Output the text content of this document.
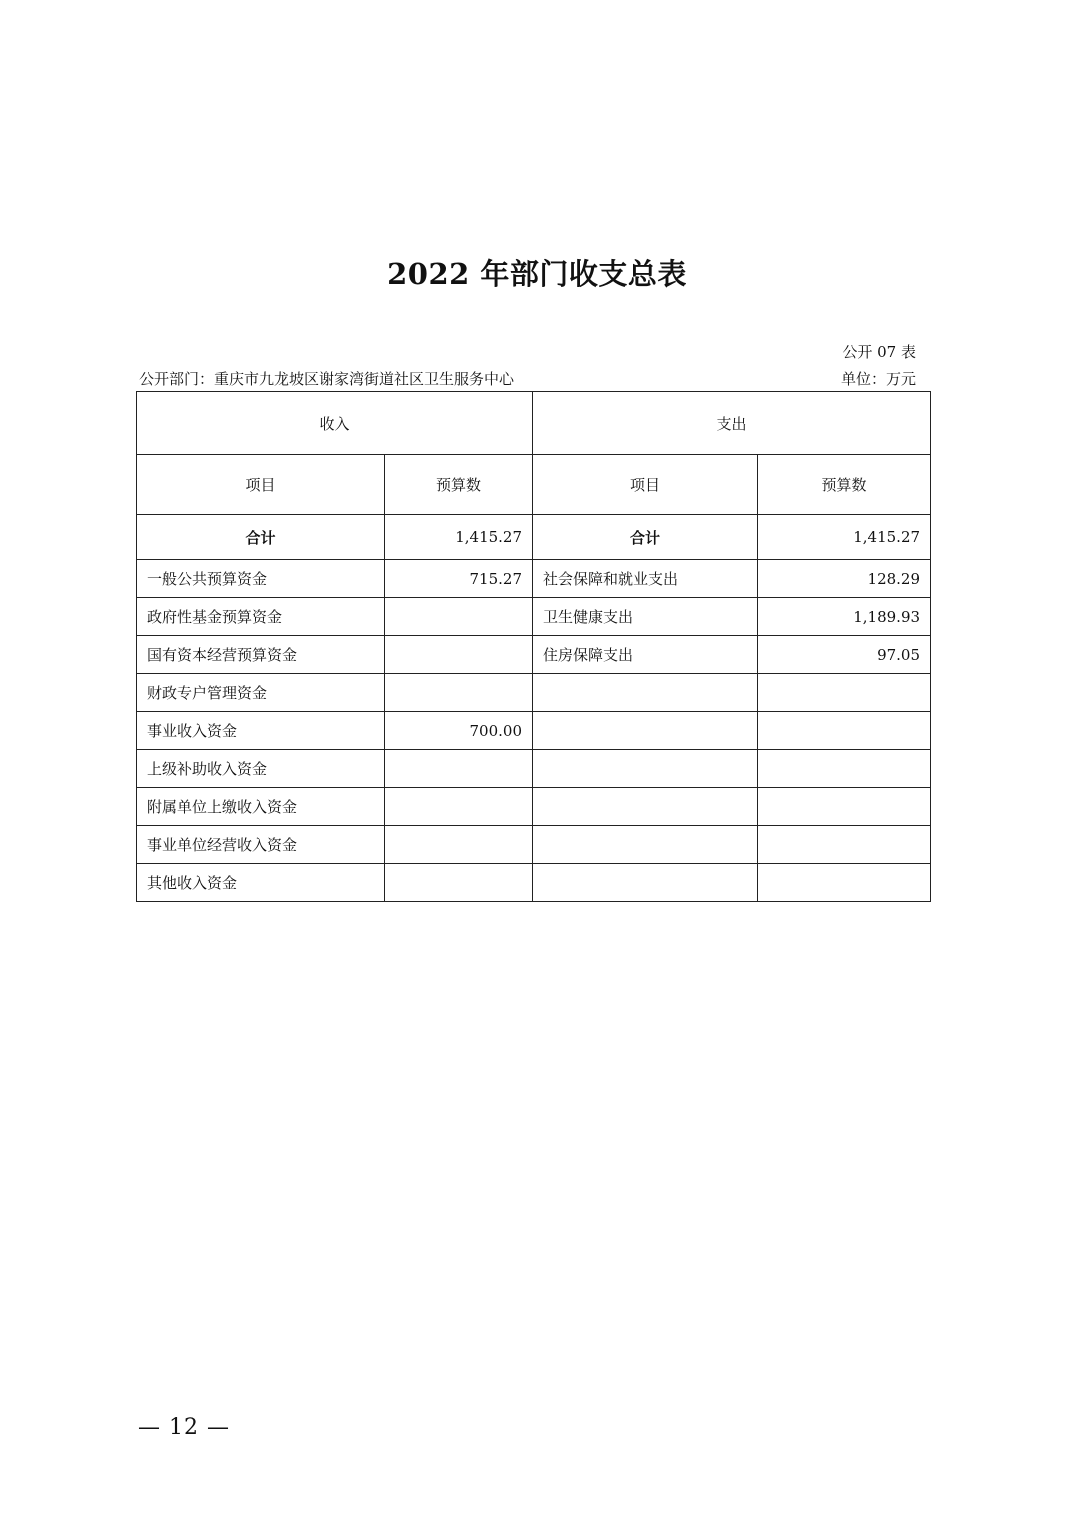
2022 年部门收支总表
公开 07 表
公开部门：重庆市九龙坡区谢家湾街道社区卫生服务中心	单位：万元
收入		支出	
项目	预算数	项目	预算数
合计	1,415.27	合计	1,415.27
一般公共预算资金	715.27	社会保障和就业支出	128.29
政府性基金预算资金		卫生健康支出	1,189.93
国有资本经营预算资金		住房保障支出	97.05
财政专户管理资金			
事业收入资金	700.00		
上级补助收入资金			
附属单位上缴收入资金			
事业单位经营收入资金			
其他收入资金			
— 12 —
